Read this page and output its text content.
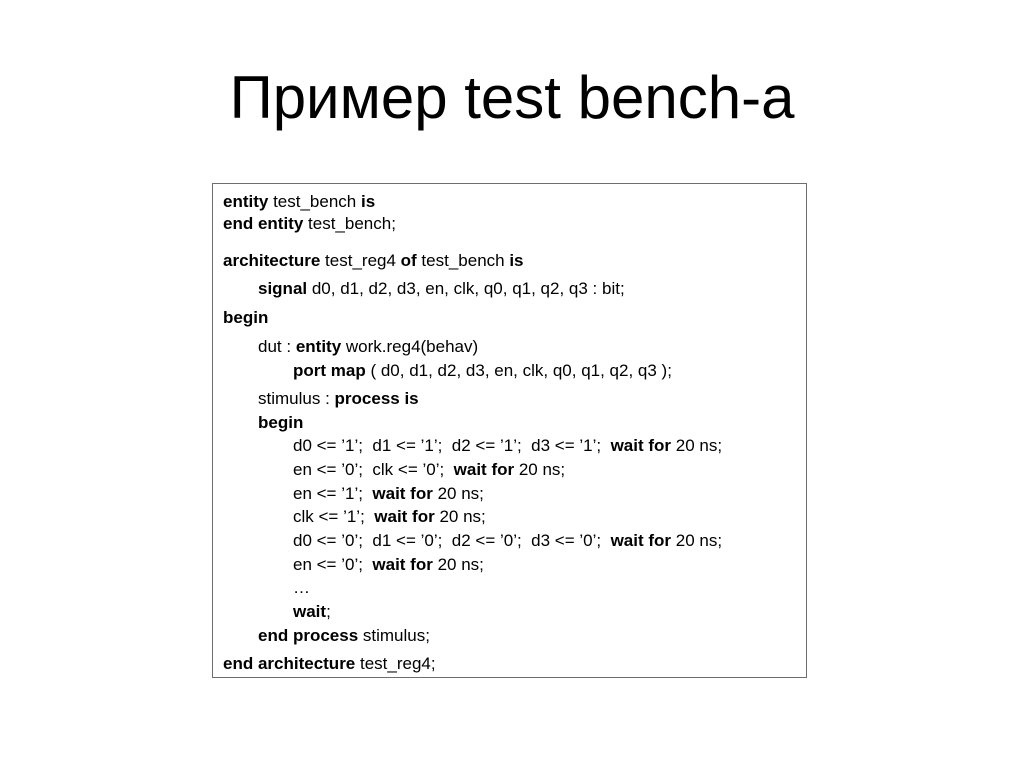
Пример test bench-a
entity test_bench is
end entity test_bench;
architecture test_reg4 of test_bench is
signal d0, d1, d2, d3, en, clk, q0, q1, q2, q3 : bit;
begin
dut : entity work.reg4(behav)
port map ( d0, d1, d2, d3, en, clk, q0, q1, q2, q3 );
stimulus : process is
begin
d0 <= ’1’;  d1 <= ’1’;  d2 <= ’1’;  d3 <= ’1’;  wait for 20 ns;
en <= ’0’;  clk <= ’0’;  wait for 20 ns;
en <= ’1’;  wait for 20 ns;
clk <= ’1’;  wait for 20 ns;
d0 <= ’0’;  d1 <= ’0’;  d2 <= ’0’;  d3 <= ’0’;  wait for 20 ns;
en <= ’0’;  wait for 20 ns;
…
wait;
end process stimulus;
end architecture test_reg4;
